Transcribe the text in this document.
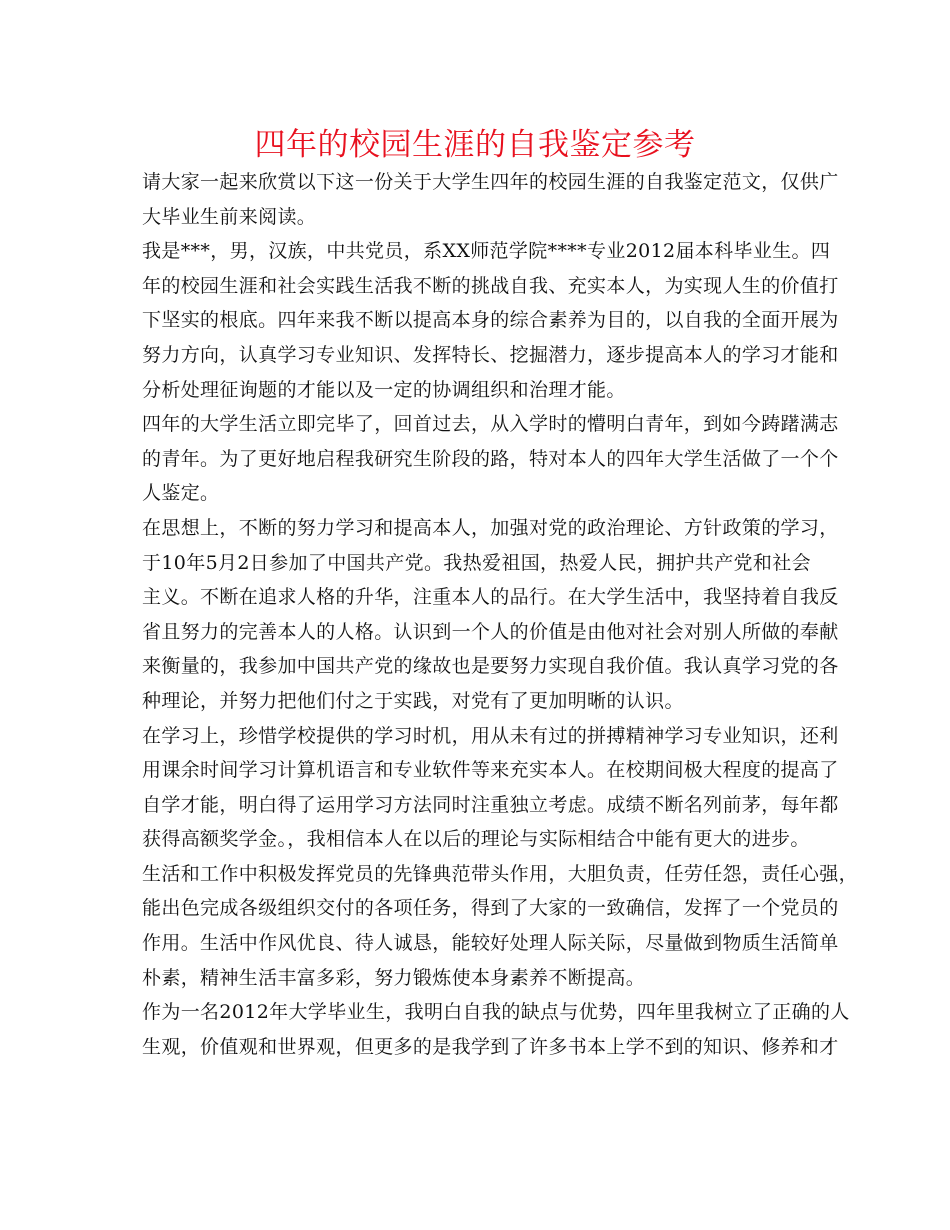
四年的校园生涯的自我鉴定参考
请大家一起来欣赏以下这一份关于大学生四年的校园生涯的自我鉴定范文，仅供广
大毕业生前来阅读。
我是***，男，汉族，中共党员，系XX师范学院****专业2012届本科毕业生。四
年的校园生涯和社会实践生活我不断的挑战自我、充实本人，为实现人生的价值打
下坚实的根底。四年来我不断以提高本身的综合素养为目的，以自我的全面开展为
努力方向，认真学习专业知识、发挥特长、挖掘潜力，逐步提高本人的学习才能和
分析处理征询题的才能以及一定的协调组织和治理才能。
四年的大学生活立即完毕了，回首过去，从入学时的懵明白青年，到如今踌躇满志
的青年。为了更好地启程我研究生阶段的路，特对本人的四年大学生活做了一个个
人鉴定。
在思想上，不断的努力学习和提高本人，加强对党的政治理论、方针政策的学习，
于10年5月2日参加了中国共产党。我热爱祖国，热爱人民，拥护共产党和社会
主义。不断在追求人格的升华，注重本人的品行。在大学生活中，我坚持着自我反
省且努力的完善本人的人格。认识到一个人的价值是由他对社会对别人所做的奉献
来衡量的，我参加中国共产党的缘故也是要努力实现自我价值。我认真学习党的各
种理论，并努力把他们付之于实践，对党有了更加明晰的认识。
在学习上，珍惜学校提供的学习时机，用从未有过的拼搏精神学习专业知识，还利
用课余时间学习计算机语言和专业软件等来充实本人。在校期间极大程度的提高了
自学才能，明白得了运用学习方法同时注重独立考虑。成绩不断名列前茅，每年都
获得高额奖学金。，我相信本人在以后的理论与实际相结合中能有更大的进步。
生活和工作中积极发挥党员的先锋典范带头作用，大胆负责，任劳任怨，责任心强，
能出色完成各级组织交付的各项任务，得到了大家的一致确信，发挥了一个党员的
作用。生活中作风优良、待人诚恳，能较好处理人际关际，尽量做到物质生活简单
朴素，精神生活丰富多彩，努力锻炼使本身素养不断提高。
作为一名2012年大学毕业生，我明白自我的缺点与优势，四年里我树立了正确的人
生观，价值观和世界观，但更多的是我学到了许多书本上学不到的知识、修养和才
